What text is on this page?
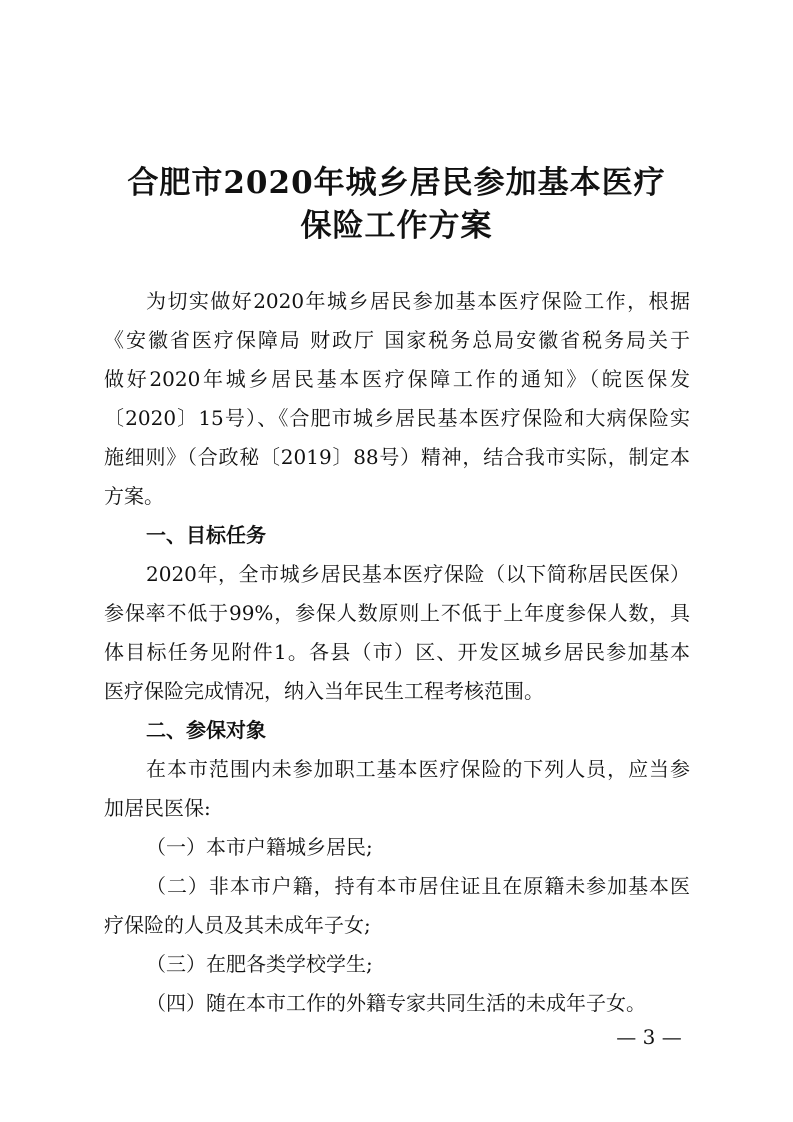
合肥市2020年城乡居民参加基本医疗
保险工作方案
为切实做好2020年城乡居民参加基本医疗保险工作，根据
《安徽省医疗保障局 财政厅 国家税务总局安徽省税务局关于
做好2020年城乡居民基本医疗保障工作的通知》（皖医保发
〔2020〕15号）、《合肥市城乡居民基本医疗保险和大病保险实
施细则》（合政秘〔2019〕88号）精神，结合我市实际，制定本
方案。
一、目标任务
2020年，全市城乡居民基本医疗保险（以下简称居民医保）
参保率不低于99%，参保人数原则上不低于上年度参保人数，具
体目标任务见附件1。各县（市）区、开发区城乡居民参加基本
医疗保险完成情况，纳入当年民生工程考核范围。
二、参保对象
在本市范围内未参加职工基本医疗保险的下列人员，应当参
加居民医保:
（一）本市户籍城乡居民;
（二）非本市户籍，持有本市居住证且在原籍未参加基本医
疗保险的人员及其未成年子女;
（三）在肥各类学校学生;
（四）随在本市工作的外籍专家共同生活的未成年子女。
— 3 —
